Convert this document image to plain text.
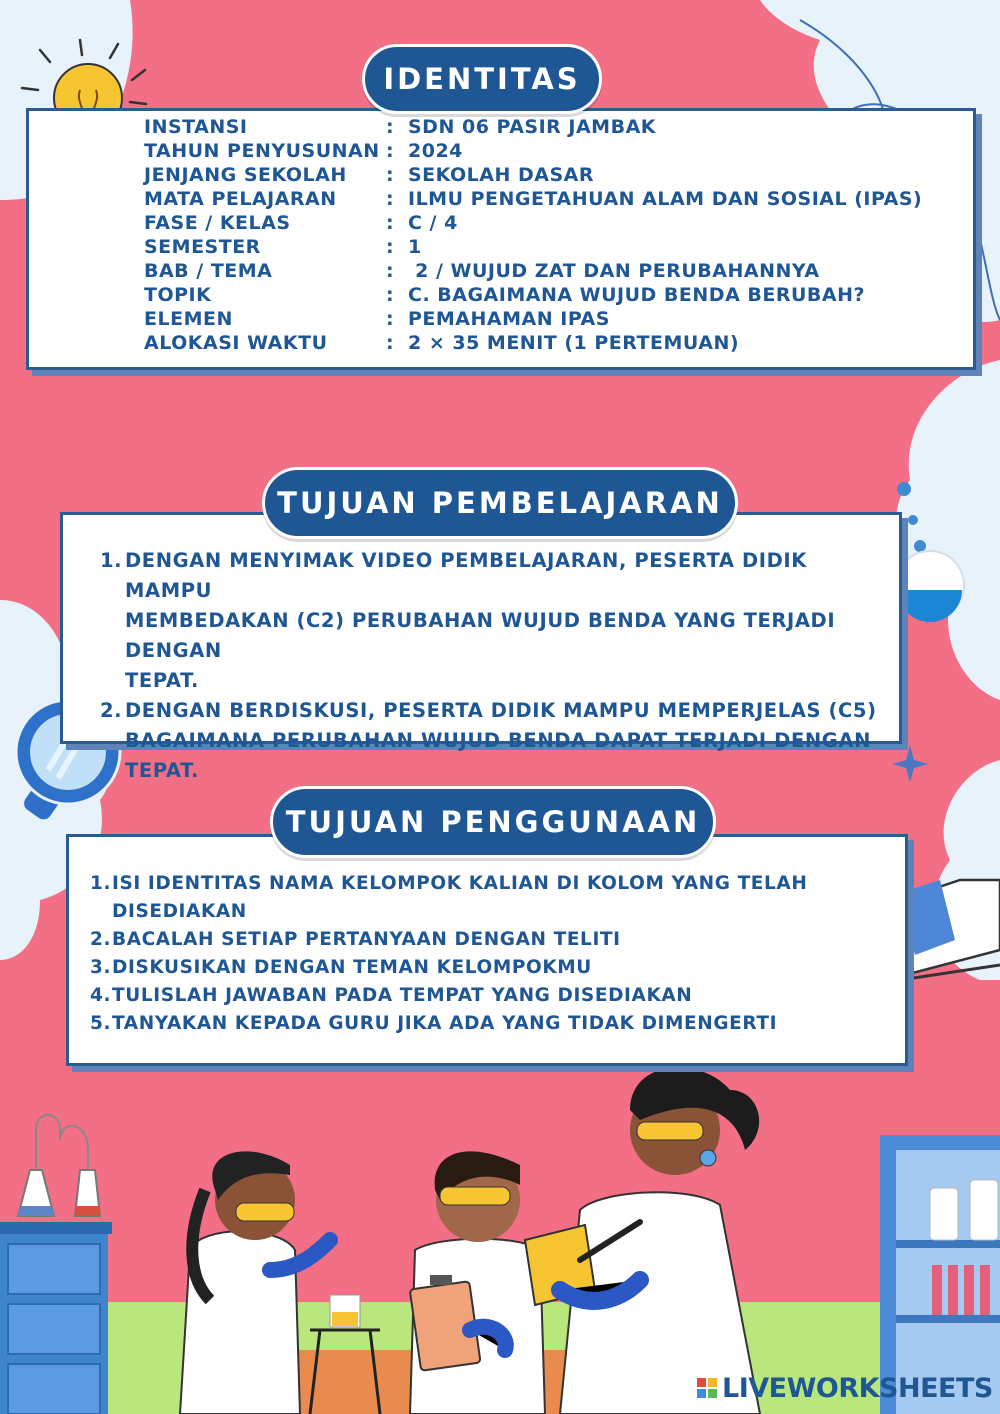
IDENTITAS
INSTANSI	: SDN 06 PASIR JAMBAK
TAHUN PENYUSUNAN : 2024
JENJANG SEKOLAH : SEKOLAH DASAR
MATA PELAJARAN	: ILMU PENGETAHUAN ALAM DAN SOSIAL (IPAS)
FASE / KELAS	: C / 4
SEMESTER	: 1
BAB / TEMA	: 2 / WUJUD ZAT DAN PERUBAHANNYA
TOPIK	: C. BAGAIMANA WUJUD BENDA BERUBAH?
ELEMEN	: PEMAHAMAN IPAS
ALOKASI WAKTU	: 2 × 35 MENIT (1 PERTEMUAN)
TUJUAN PEMBELAJARAN
1. DENGAN MENYIMAK VIDEO PEMBELAJARAN, PESERTA DIDIK MAMPU
MEMBEDAKAN (C2) PERUBAHAN WUJUD BENDA YANG TERJADI DENGAN
TEPAT.
2. DENGAN BERDISKUSI, PESERTA DIDIK MAMPU MEMPERJELAS (C5)
BAGAIMANA PERUBAHAN WUJUD BENDA DAPAT TERJADI DENGAN
TEPAT.
TUJUAN PENGGUNAAN
1. ISI IDENTITAS NAMA KELOMPOK KALIAN DI KOLOM YANG TELAH
DISEDIAKAN
2. BACALAH SETIAP PERTANYAAN DENGAN TELITI
3. DISKUSIKAN DENGAN TEMAN KELOMPOKMU
4. TULISLAH JAWABAN PADA TEMPAT YANG DISEDIAKAN
5. TANYAKAN KEPADA GURU JIKA ADA YANG TIDAK DIMENGERTI
LIVEWORKSHEETS
